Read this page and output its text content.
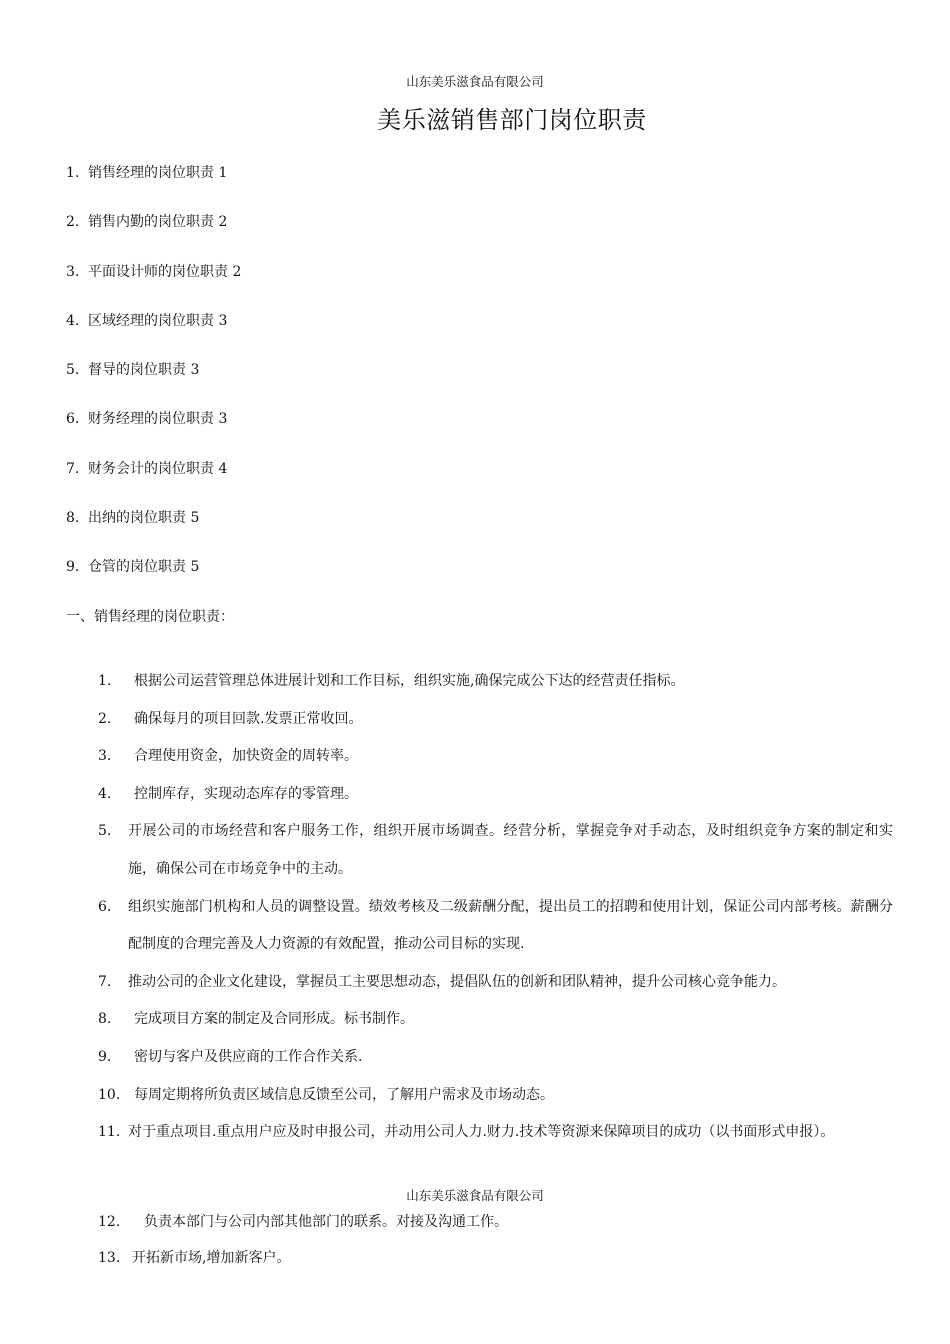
山东美乐滋食品有限公司
美乐滋销售部门岗位职责
1. 销售经理的岗位职责 1
2. 销售内勤的岗位职责 2
3. 平面设计师的岗位职责 2
4. 区域经理的岗位职责 3
5. 督导的岗位职责 3
6. 财务经理的岗位职责 3
7. 财务会计的岗位职责 4
8. 出纳的岗位职责 5
9. 仓管的岗位职责 5
一、销售经理的岗位职责：
1.	根据公司运营管理总体进展计划和工作目标，组织实施,确保完成公下达的经营责任指标。
2.	确保每月的项目回款.发票正常收回。
3.	合理使用资金，加快资金的周转率。
4.	控制库存，实现动态库存的零管理。
5.	开展公司的市场经营和客户服务工作，组织开展市场调查。经营分析，掌握竞争对手动态，及时组织竞争方案的制定和实施，确保公司在市场竞争中的主动。
6.	组织实施部门机构和人员的调整设置。绩效考核及二级薪酬分配，提出员工的招聘和使用计划，保证公司内部考核。薪酬分配制度的合理完善及人力资源的有效配置，推动公司目标的实现.
7.	推动公司的企业文化建设，掌握员工主要思想动态，提倡队伍的创新和团队精神，提升公司核心竞争能力。
8.	完成项目方案的制定及合同形成。标书制作。
9.	密切与客户及供应商的工作合作关系.
10. 每周定期将所负责区域信息反馈至公司，了解用户需求及市场动态。
11. 对于重点项目.重点用户应及时申报公司，并动用公司人力.财力.技术等资源来保障项目的成功（以书面形式申报）。
山东美乐滋食品有限公司
12.	负责本部门与公司内部其他部门的联系。对接及沟通工作。
13. 开拓新市场,增加新客户。
